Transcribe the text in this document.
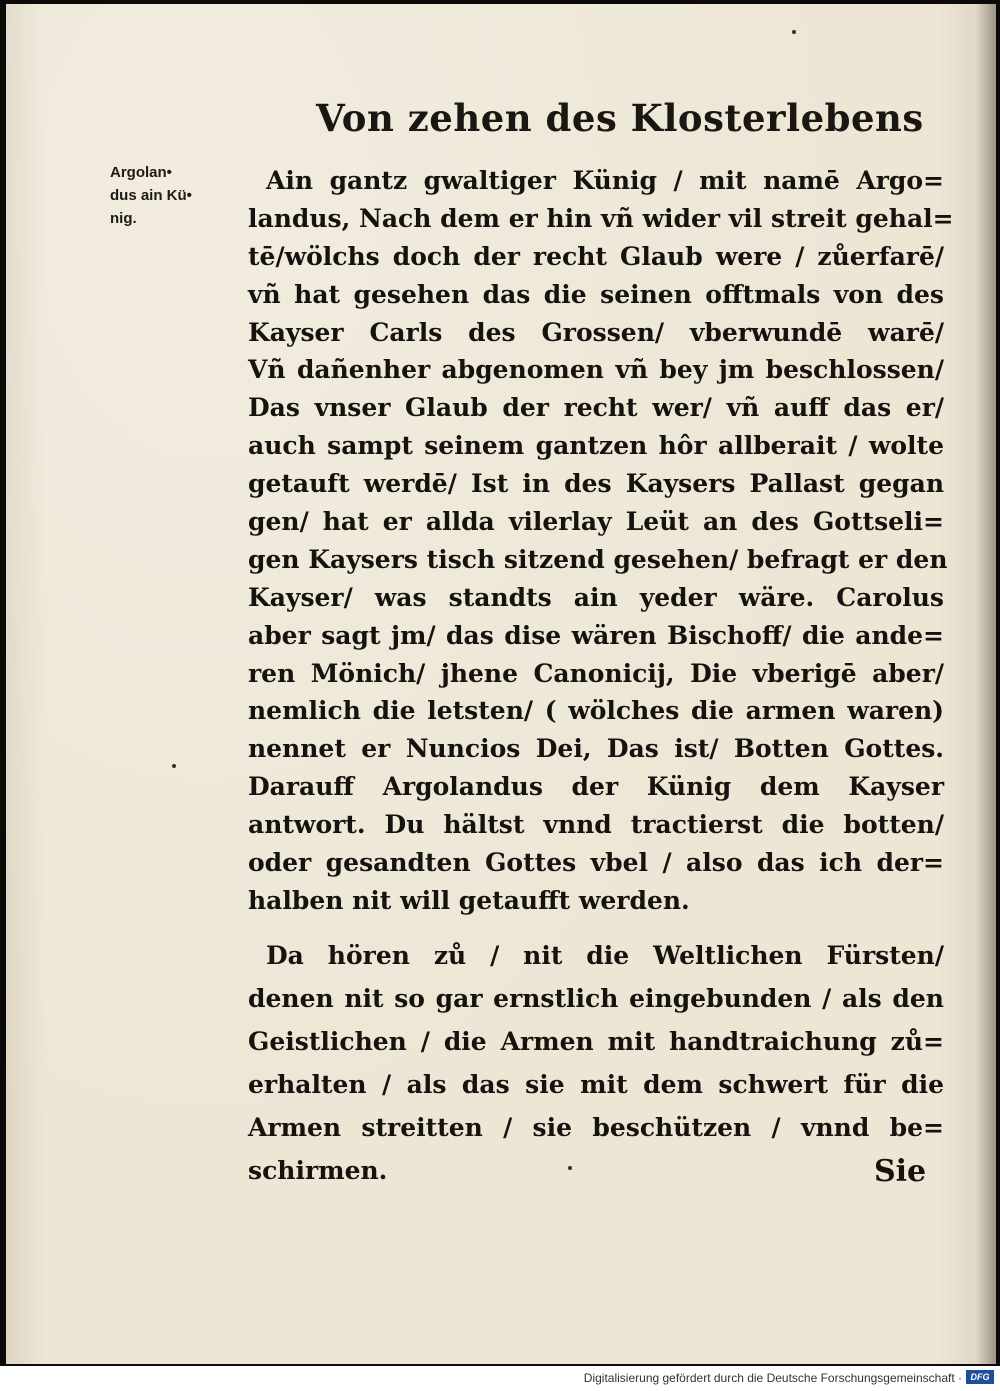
Von zehen des Klosterlebens
Argolan•
dus ain Kü•
nig.
Ain gantz gwaltiger Künig / mit namē Argo=
landus, Nach dem er hin vñ wider vil streit gehal=
tē/wölchs doch der recht Glaub were / zůerfarē/
vñ hat gesehen das die seinen offtmals von des
Kayser Carls des Grossen/ vberwundē warē/
Vñ dañenher abgenomen vñ bey jm beschlossen/
Das vnser Glaub der recht wer/ vñ auff das er/
auch sampt seinem gantzen hôr allberait / wolte
getauft werdē/ Ist in des Kaysers Pallast gegan
gen/ hat er allda vilerlay Leüt an des Gottseli=
gen Kaysers tisch sitzend gesehen/ befragt er den
Kayser/ was standts ain yeder wäre. Carolus
aber sagt jm/ das dise wären Bischoff/ die ande=
ren Mönich/ jhene Canonicij, Die vberigē aber/
nemlich die letsten/ ( wölches die armen waren)
nennet er Nuncios Dei, Das ist/ Botten Gottes.
Darauff Argolandus der Künig dem Kayser
antwort. Du hältst vnnd tractierst die botten/
oder gesandten Gottes vbel / also das ich der=
halben nit will getaufft werden.
Da hören zů / nit die Weltlichen Fürsten/
denen nit so gar ernstlich eingebunden / als den
Geistlichen / die Armen mit handtraichung zů=
erhalten / als das sie mit dem schwert für die
Armen streitten / sie beschützen / vnnd be=
schirmen.	Sie
Digitalisierung gefördert durch die Deutsche Forschungsgemeinschaft · DFG
